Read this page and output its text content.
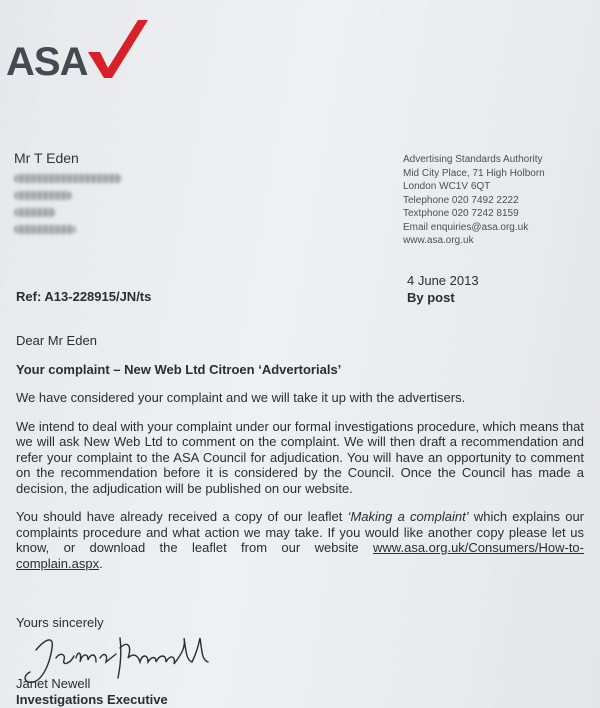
ASA
Mr T Eden	Advertising Standards Authority
Mid City Place, 71 High Holborn
London WC1V 6QT
Telephone 020 7492 2222
Textphone 020 7242 8159
Email enquiries@asa.org.uk
www.asa.org.uk
4 June 2013
By post
Ref: A13-228915/JN/ts

Dear Mr Eden

Your complaint – New Web Ltd Citroen ‘Advertorials’

We have considered your complaint and we will take it up with the advertisers.

We intend to deal with your complaint under our formal investigations procedure, which means that we will ask New Web Ltd to comment on the complaint. We will then draft a recommendation and refer your complaint to the ASA Council for adjudication. You will have an opportunity to comment on the recommendation before it is considered by the Council. Once the Council has made a decision, the adjudication will be published on our website.

You should have already received a copy of our leaflet ‘Making a complaint’ which explains our complaints procedure and what action we may take. If you would like another copy please let us know, or download the leaflet from our website www.asa.org.uk/Consumers/How-to-complain.aspx.

Yours sincerely
Janet Newell
Investigations Executive
